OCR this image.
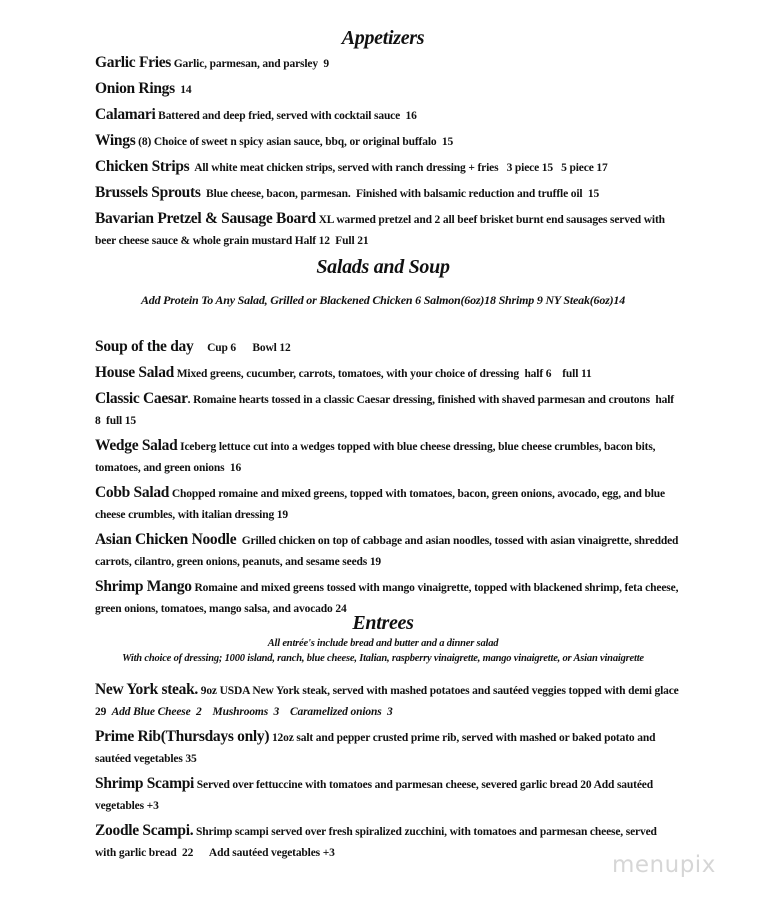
Appetizers
Garlic Fries Garlic, parmesan, and parsley  9
Onion Rings  14
Calamari Battered and deep fried, served with cocktail sauce  16
Wings (8) Choice of sweet n spicy asian sauce, bbq, or original buffalo  15
Chicken Strips  All white meat chicken strips, served with ranch dressing + fries   3 piece 15   5 piece 17
Brussels Sprouts  Blue cheese, bacon, parmesan.  Finished with balsamic reduction and truffle oil  15
Bavarian Pretzel & Sausage Board XL warmed pretzel and 2 all beef brisket burnt end sausages served with beer cheese sauce & whole grain mustard Half 12  Full 21
Salads and Soup
Add Protein To Any Salad, Grilled or Blackened Chicken 6 Salmon(6oz)18 Shrimp 9 NY Steak(6oz)14
Soup of the day     Cup 6      Bowl 12
House Salad Mixed greens, cucumber, carrots, tomatoes, with your choice of dressing  half 6    full 11
Classic Caesar. Romaine hearts tossed in a classic Caesar dressing, finished with shaved parmesan and croutons  half 8  full 15
Wedge Salad Iceberg lettuce cut into a wedges topped with blue cheese dressing, blue cheese crumbles, bacon bits, tomatoes, and green onions  16
Cobb Salad Chopped romaine and mixed greens, topped with tomatoes, bacon, green onions, avocado, egg, and blue cheese crumbles, with italian dressing 19
Asian Chicken Noodle  Grilled chicken on top of cabbage and asian noodles, tossed with asian vinaigrette, shredded carrots, cilantro, green onions, peanuts, and sesame seeds 19
Shrimp Mango Romaine and mixed greens tossed with mango vinaigrette, topped with blackened shrimp, feta cheese, green onions, tomatoes, mango salsa, and avocado 24
Entrees
All entrée's include bread and butter and a dinner salad
With choice of dressing; 1000 island, ranch, blue cheese, Italian, raspberry vinaigrette, mango vinaigrette, or Asian vinaigrette
New York steak. 9oz USDA New York steak, served with mashed potatoes and sautéed veggies topped with demi glace  29  Add Blue Cheese  2    Mushrooms  3    Caramelized onions  3
Prime Rib(Thursdays only) 12oz salt and pepper crusted prime rib, served with mashed or baked potato and sautéed vegetables 35
Shrimp Scampi Served over fettuccine with tomatoes and parmesan cheese, severed garlic bread 20 Add sautéed vegetables +3
Zoodle Scampi. Shrimp scampi served over fresh spiralized zucchini, with tomatoes and parmesan cheese, served with garlic bread  22      Add sautéed vegetables +3	menupix
